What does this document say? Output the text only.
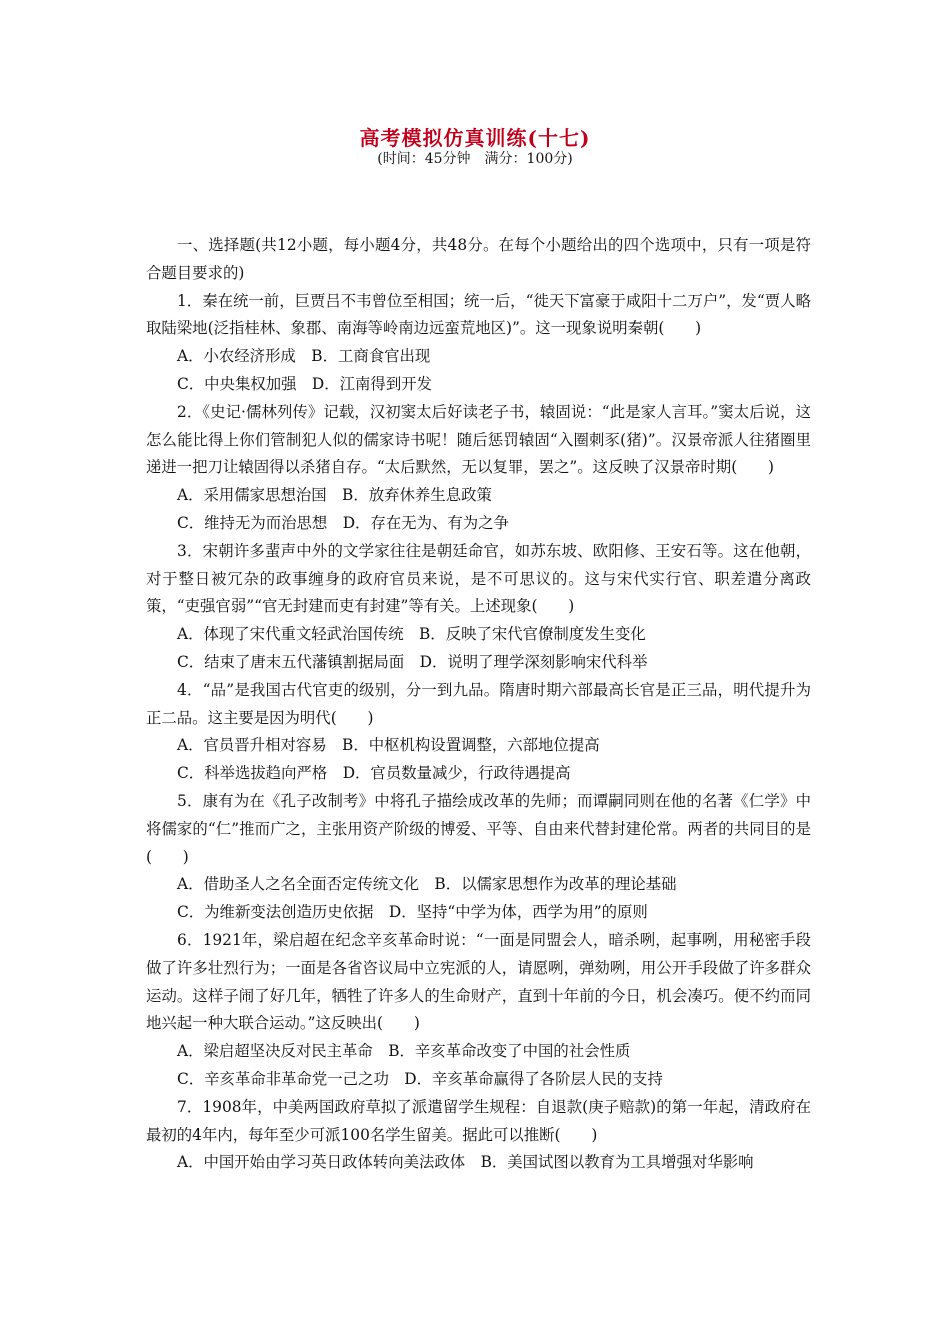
高考模拟仿真训练(十七)
(时间：45分钟　满分：100分)

一、选择题(共12小题，每小题4分，共48分。在每个小题给出的四个选项中，只有一项是符合题目要求的)

1．秦在统一前，巨贾吕不韦曾位至相国；统一后，“徙天下富豪于咸阳十二万户”，发“贾人略取陆梁地(泛指桂林、象郡、南海等岭南边远蛮荒地区)”。这一现象说明秦朝(　　)

A．小农经济形成　 B．工商食官出现

C．中央集权加强　 D．江南得到开发

2．《史记·儒林列传》记载，汉初窦太后好读老子书，辕固说：“此是家人言耳。”窦太后说，这怎么能比得上你们管制犯人似的儒家诗书呢！随后惩罚辕固“入圈刺豕(猪)”。汉景帝派人往猪圈里递进一把刀让辕固得以杀猪自存。“太后默然，无以复罪，罢之”。这反映了汉景帝时期(　　)

A．采用儒家思想治国　 B．放弃休养生息政策

C．维持无为而治思想　 D．存在无为、有为之争

3．宋朝许多蜚声中外的文学家往往是朝廷命官，如苏东坡、欧阳修、王安石等。这在他朝，对于整日被冗杂的政事缠身的政府官员来说，是不可思议的。这与宋代实行官、职差遣分离政策，“吏强官弱”“官无封建而吏有封建”等有关。上述现象(　　)

A．体现了宋代重文轻武治国传统　 B．反映了宋代官僚制度发生变化

C．结束了唐末五代藩镇割据局面　 D．说明了理学深刻影响宋代科举

4．“品”是我国古代官吏的级别，分一到九品。隋唐时期六部最高长官是正三品，明代提升为正二品。这主要是因为明代(　　)

A．官员晋升相对容易　 B．中枢机构设置调整，六部地位提高

C．科举选拔趋向严格　 D．官员数量减少，行政待遇提高

5．康有为在《孔子改制考》中将孔子描绘成改革的先师；而谭嗣同则在他的名著《仁学》中将儒家的“仁”推而广之，主张用资产阶级的博爱、平等、自由来代替封建伦常。两者的共同目的是(　　)

A．借助圣人之名全面否定传统文化　 B．以儒家思想作为改革的理论基础

C．为维新变法创造历史依据　 D．坚持“中学为体，西学为用”的原则

6．1921年，梁启超在纪念辛亥革命时说：“一面是同盟会人，暗杀咧，起事咧，用秘密手段做了许多壮烈行为；一面是各省咨议局中立宪派的人，请愿咧，弹劾咧，用公开手段做了许多群众运动。这样子闹了好几年，牺牲了许多人的生命财产，直到十年前的今日，机会凑巧。便不约而同地兴起一种大联合运动。”这反映出(　　)

A．梁启超坚决反对民主革命　 B．辛亥革命改变了中国的社会性质

C．辛亥革命非革命党一己之功　 D．辛亥革命赢得了各阶层人民的支持

7．1908年，中美两国政府草拟了派遣留学生规程：自退款(庚子赔款)的第一年起，清政府在最初的4年内，每年至少可派100名学生留美。据此可以推断(　　)

A．中国开始由学习英日政体转向美法政体　 B．美国试图以教育为工具增强对华影响
